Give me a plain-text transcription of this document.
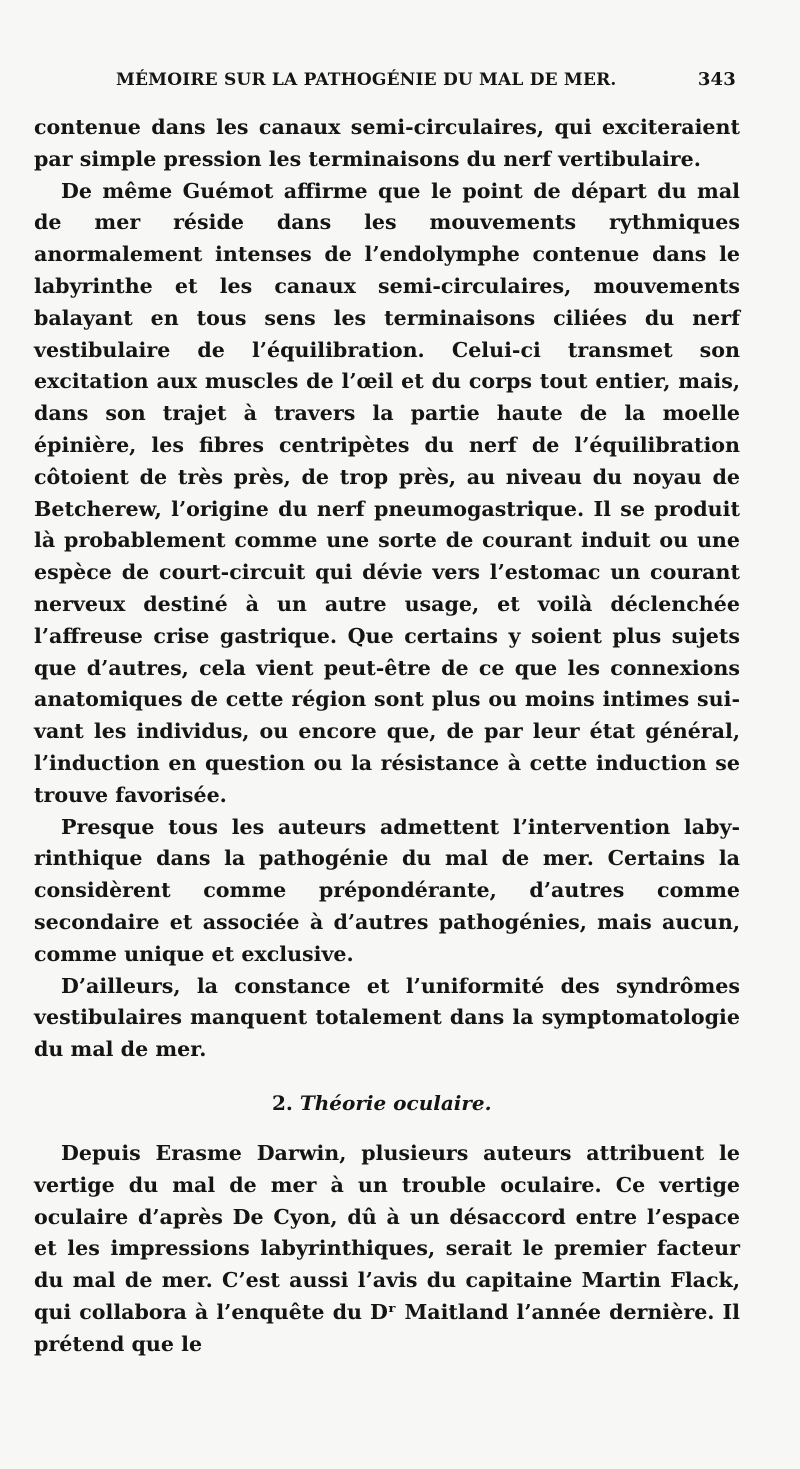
MÉMOIRE SUR LA PATHOGÉNIE DU MAL DE MER.	343

contenue dans les canaux semi-circulaires, qui exciteraient par simple pression les terminaisons du nerf vertibulaire.

De même Guémot affirme que le point de départ du mal de mer réside dans les mouvements rythmiques anormalement intenses de l’endolymphe contenue dans le labyrinthe et les canaux semi-circulaires, mouvements balayant en tous sens les terminaisons ciliées du nerf vestibulaire de l’équilibration. Celui-ci transmet son excitation aux muscles de l’œil et du corps tout entier, mais, dans son trajet à travers la partie haute de la moelle épinière, les fibres centripètes du nerf de l’équilibration côtoient de très près, de trop près, au niveau du noyau de Betcherew, l’origine du nerf pneumogastrique. Il se produit là probablement comme une sorte de courant induit ou une espèce de court-circuit qui dévie vers l’estomac un courant nerveux destiné à un autre usage, et voilà déclenchée l’affreuse crise gastrique. Que certains y soient plus sujets que d’autres, cela vient peut-être de ce que les connexions anatomiques de cette région sont plus ou moins intimes suivant les individus, ou encore que, de par leur état général, l’induction en question ou la résistance à cette induction se trouve favorisée.

Presque tous les auteurs admettent l’intervention labyrinthique dans la pathogénie du mal de mer. Certains la considèrent comme prépondérante, d’autres comme secondaire et associée à d’autres pathogénies, mais aucun, comme unique et exclusive.

D’ailleurs, la constance et l’uniformité des syndrômes vestibulaires manquent totalement dans la symptomatologie du mal de mer.

2. Théorie oculaire.

Depuis Erasme Darwin, plusieurs auteurs attribuent le vertige du mal de mer à un trouble oculaire. Ce vertige oculaire d’après De Cyon, dû à un désaccord entre l’espace et les impressions labyrinthiques, serait le premier facteur du mal de mer. C’est aussi l’avis du capitaine Martin Flack, qui collabora à l’enquête du Dʳ Maitland l’année dernière. Il prétend que le
